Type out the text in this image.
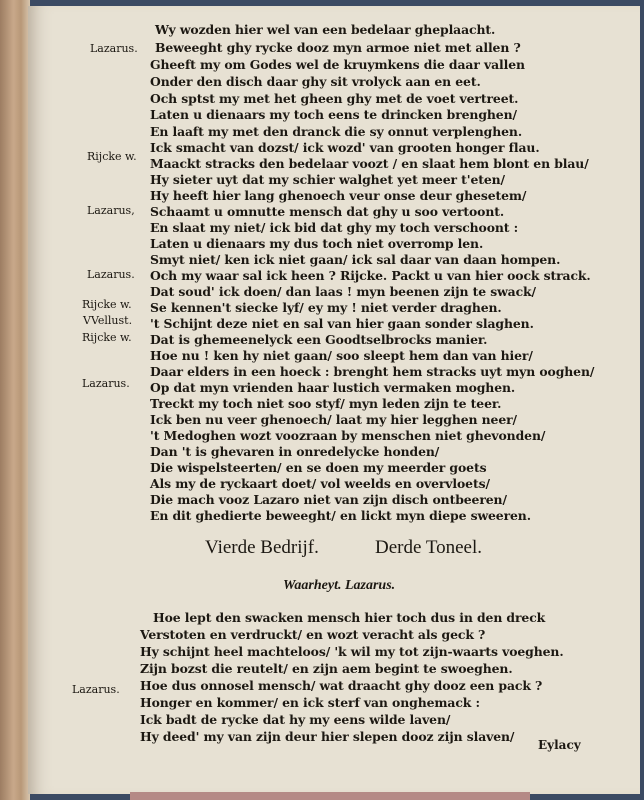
Lazarus.
Rijcke w.
Lazarus,
Lazarus.
Rijcke w.
VVellust.
Rijcke w.
Lazarus.
Lazarus.
Wy wozden hier wel van een bedelaar gheplaacht.
Beweeght ghy rycke dooz myn armoe niet met allen ?
Gheeft my om Godes wel de kruymkens die daar vallen
Onder den disch daar ghy sit vrolyck aan en eet.
Och sptst my met het gheen ghy met de voet vertreet.
Laten u dienaars my toch eens te drincken brenghen/
En laaft my met den dranck die sy onnut verplenghen.
Ick smacht van dozst/ ick wozd' van grooten honger flau.
Maackt stracks den bedelaar voozt / en slaat hem blont en blau/
Hy sieter uyt dat my schier walghet yet meer t'eten/
Hy heeft hier lang ghenoech veur onse deur ghesetem/
Schaamt u omnutte mensch dat ghy u soo vertoont.
En slaat my niet/ ick bid dat ghy my toch verschoont :
Laten u dienaars my dus toch niet overromp len.
Smyt niet/ ken ick niet gaan/ ick sal daar van daan hompen.
Och my waar sal ick heen ? Rijcke. Packt u van hier oock strack.
Dat soud' ick doen/ dan laas ! myn beenen zijn te swack/
Se kennen't siecke lyf/ ey my ! niet verder draghen.
't Schijnt deze niet en sal van hier gaan sonder slaghen.
Dat is ghemeenelyck een Goodtselbrocks manier.
Hoe nu ! ken hy niet gaan/ soo sleept hem dan van hier/
Daar elders in een hoeck : brenght hem stracks uyt myn ooghen/
Op dat myn vrienden haar lustich vermaken moghen.
Treckt my toch niet soo styf/ myn leden zijn te teer.
Ick ben nu veer ghenoech/ laat my hier legghen neer/
't Medoghen wozt voozraan by menschen niet ghevonden/
Dan 't is ghevaren in onredelycke honden/
Die wispelsteerten/ en se doen my meerder goets
Als my de ryckaart doet/ vol weelds en overvloets/
Die mach vooz Lazaro niet van zijn disch ontbeeren/
En dit ghedierte beweeght/ en lickt myn diepe sweeren.
Vierde Bedrijf.	Derde Toneel.
Waarheyt. Lazarus.
Hoe lept den swacken mensch hier toch dus in den dreck
Verstoten en verdruckt/ en wozt veracht als geck ?
Hy schijnt heel machteloos/ 'k wil my tot zijn-waarts voeghen.
Zijn bozst die reutelt/ en zijn aem begint te swoeghen.
Hoe dus onnosel mensch/ wat draacht ghy dooz een pack ?
Honger en kommer/ en ick sterf van onghemack :
Ick badt de rycke dat hy my eens wilde laven/
Hy deed' my van zijn deur hier slepen dooz zijn slaven/
Eylacy
